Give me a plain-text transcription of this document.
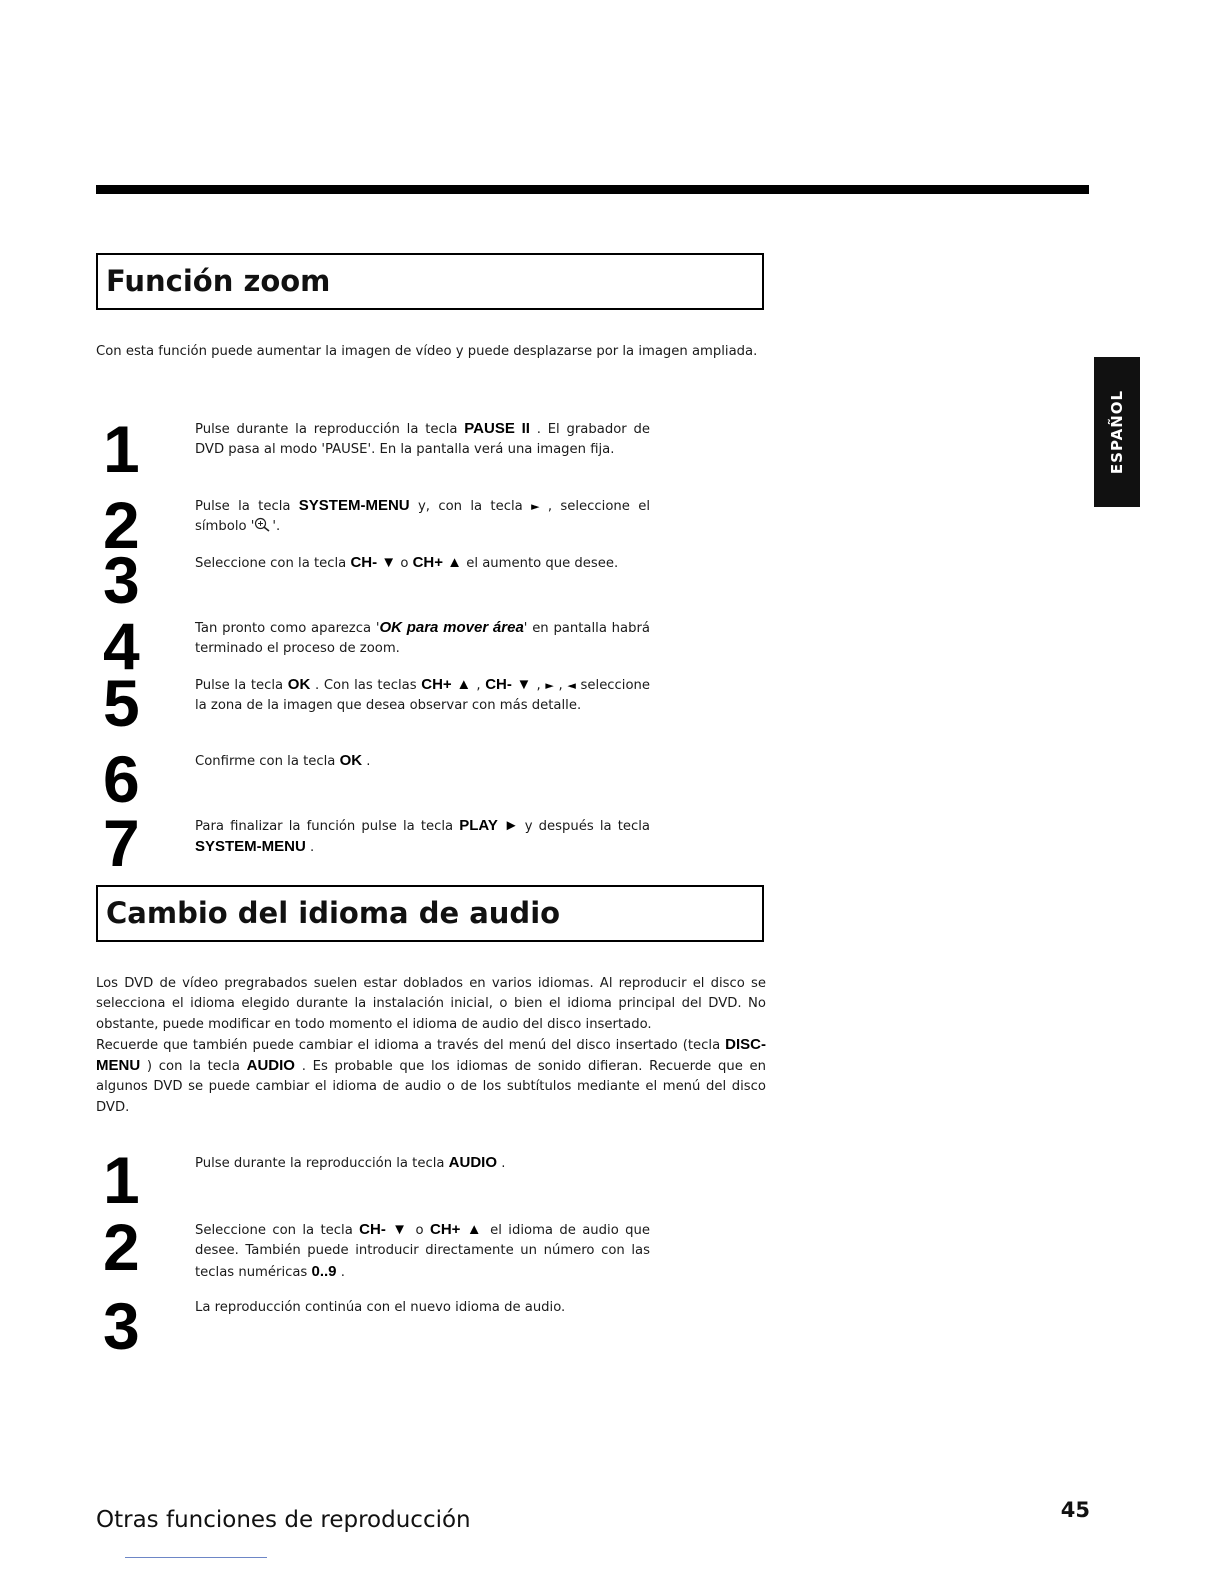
ESPAÑOL
Función zoom

Con esta función puede aumentar la imagen de vídeo y puede desplazarse por la imagen ampliada.

1	Pulse durante la reproducción la tecla PAUSE II . El grabador de DVD pasa al modo 'PAUSE'. En la pantalla verá una imagen fija.

2	Pulse la tecla SYSTEM-MENU y, con la tecla ► , seleccione el símbolo ' '.

3	Seleccione con la tecla CH- ▼ o CH+ ▲ el aumento que desee.

4	Tan pronto como aparezca 'OK para mover área' en pantalla habrá terminado el proceso de zoom.

5	Pulse la tecla OK . Con las teclas CH+ ▲ , CH- ▼ , ► , ◄ seleccione la zona de la imagen que desea observar con más detalle.

6	Confirme con la tecla OK .

7	Para finalizar la función pulse la tecla PLAY ► y después la tecla SYSTEM-MENU .

Cambio del idioma de audio

Los DVD de vídeo pregrabados suelen estar doblados en varios idiomas. Al reproducir el disco se selecciona el idioma elegido durante la instalación inicial, o bien el idioma principal del DVD. No obstante, puede modificar en todo momento el idioma de audio del disco insertado.

Recuerde que también puede cambiar el idioma a través del menú del disco insertado (tecla DISC-MENU ) con la tecla AUDIO . Es probable que los idiomas de sonido difieran. Recuerde que en algunos DVD se puede cambiar el idioma de audio o de los subtítulos mediante el menú del disco DVD.

1	Pulse durante la reproducción la tecla AUDIO .

2	Seleccione con la tecla CH- ▼ o CH+ ▲ el idioma de audio que desee. También puede introducir directamente un número con las teclas numéricas 0..9 .

3	La reproducción continúa con el nuevo idioma de audio.

Otras funciones de reproducción	45
